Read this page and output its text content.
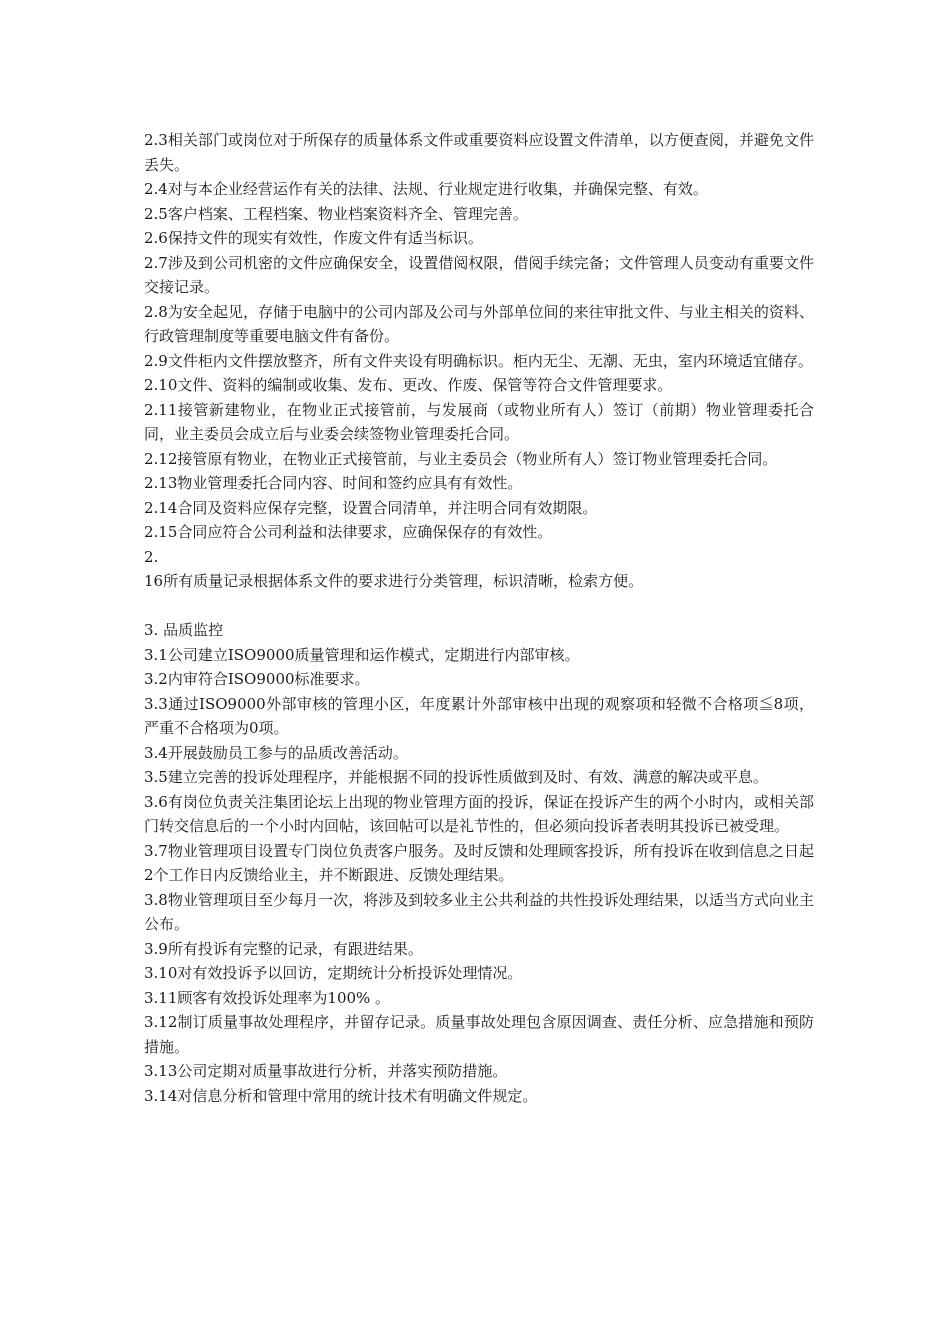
2.3相关部门或岗位对于所保存的质量体系文件或重要资料应设置文件清单，以方便查阅，并避免文件丢失。

2.4对与本企业经营运作有关的法律、法规、行业规定进行收集，并确保完整、有效。

2.5客户档案、工程档案、物业档案资料齐全、管理完善。

2.6保持文件的现实有效性，作废文件有适当标识。

2.7涉及到公司机密的文件应确保安全，设置借阅权限，借阅手续完备；文件管理人员变动有重要文件交接记录。

2.8为安全起见，存储于电脑中的公司内部及公司与外部单位间的来往审批文件、与业主相关的资料、行政管理制度等重要电脑文件有备份。

2.9文件柜内文件摆放整齐，所有文件夹设有明确标识。柜内无尘、无潮、无虫，室内环境适宜储存。

2.10文件、资料的编制或收集、发布、更改、作废、保管等符合文件管理要求。

2.11接管新建物业，在物业正式接管前，与发展商（或物业所有人）签订（前期）物业管理委托合同，业主委员会成立后与业委会续签物业管理委托合同。

2.12接管原有物业，在物业正式接管前，与业主委员会（物业所有人）签订物业管理委托合同。

2.13物业管理委托合同内容、时间和签约应具有有效性。

2.14合同及资料应保存完整，设置合同清单，并注明合同有效期限。

2.15合同应符合公司利益和法律要求，应确保保存的有效性。

2.

16所有质量记录根据体系文件的要求进行分类管理，标识清晰，检索方便。

3. 品质监控

3.1公司建立ISO9000质量管理和运作模式，定期进行内部审核。

3.2内审符合ISO9000标准要求。

3.3通过ISO9000外部审核的管理小区，年度累计外部审核中出现的观察项和轻微不合格项≦8项，严重不合格项为0项。

3.4开展鼓励员工参与的品质改善活动。

3.5建立完善的投诉处理程序，并能根据不同的投诉性质做到及时、有效、满意的解决或平息。

3.6有岗位负责关注集团论坛上出现的物业管理方面的投诉，保证在投诉产生的两个小时内，或相关部门转交信息后的一个小时内回帖，该回帖可以是礼节性的，但必须向投诉者表明其投诉已被受理。

3.7物业管理项目设置专门岗位负责客户服务。及时反馈和处理顾客投诉，所有投诉在收到信息之日起2个工作日内反馈给业主，并不断跟进、反馈处理结果。

3.8物业管理项目至少每月一次，将涉及到较多业主公共利益的共性投诉处理结果，以适当方式向业主公布。

3.9所有投诉有完整的记录，有跟进结果。

3.10对有效投诉予以回访，定期统计分析投诉处理情况。

3.11顾客有效投诉处理率为100% 。

3.12制订质量事故处理程序，并留存记录。质量事故处理包含原因调查、责任分析、应急措施和预防措施。

3.13公司定期对质量事故进行分析，并落实预防措施。

3.14对信息分析和管理中常用的统计技术有明确文件规定。
